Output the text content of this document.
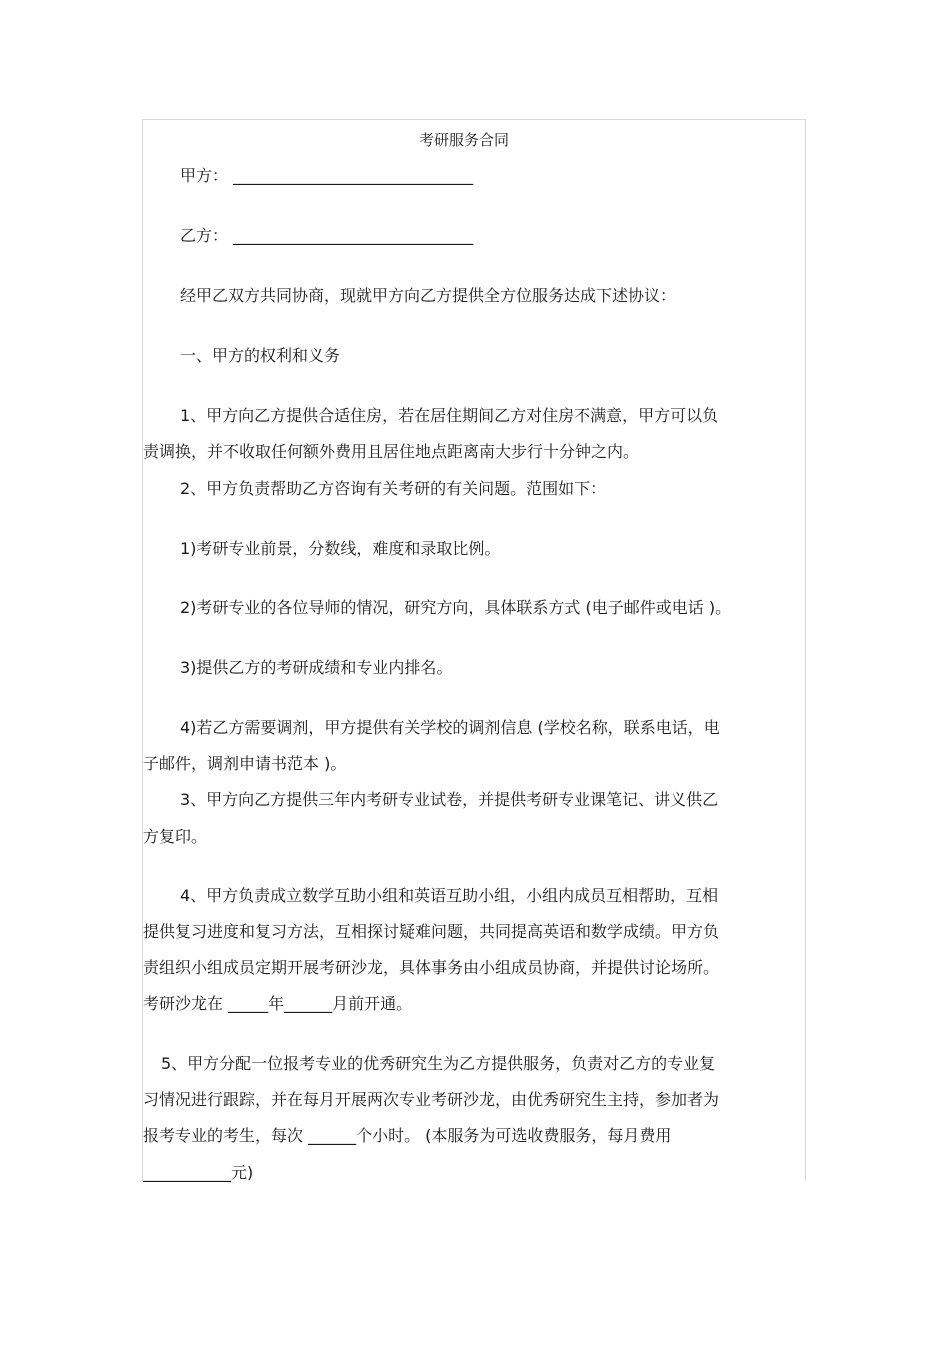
考研服务合同
甲方： ______________________________
乙方： ______________________________
经甲乙双方共同协商，现就甲方向乙方提供全方位服务达成下述协议：
一、甲方的权利和义务
1、甲方向乙方提供合适住房，若在居住期间乙方对住房不满意，甲方可以负
责调换，并不收取任何额外费用且居住地点距离南大步行十分钟之内。
2、甲方负责帮助乙方咨询有关考研的有关问题。范围如下：
1)考研专业前景，分数线，难度和录取比例。
2)考研专业的各位导师的情况，研究方向，具体联系方式 (电子邮件或电话 )。
3)提供乙方的考研成绩和专业内排名。
4)若乙方需要调剂，甲方提供有关学校的调剂信息 (学校名称，联系电话，电
子邮件，调剂申请书范本 )。
3、甲方向乙方提供三年内考研专业试卷，并提供考研专业课笔记、讲义供乙
方复印。
4、甲方负责成立数学互助小组和英语互助小组，小组内成员互相帮助，互相
提供复习进度和复习方法，互相探讨疑难问题，共同提高英语和数学成绩。甲方负
责组织小组成员定期开展考研沙龙，具体事务由小组成员协商，并提供讨论场所。
考研沙龙在 _____年______月前开通。
5、甲方分配一位报考专业的优秀研究生为乙方提供服务，负责对乙方的专业复
习情况进行跟踪，并在每月开展两次专业考研沙龙，由优秀研究生主持，参加者为
报考专业的考生，每次 ______个小时。 (本服务为可选收费服务，每月费用
___________元)
